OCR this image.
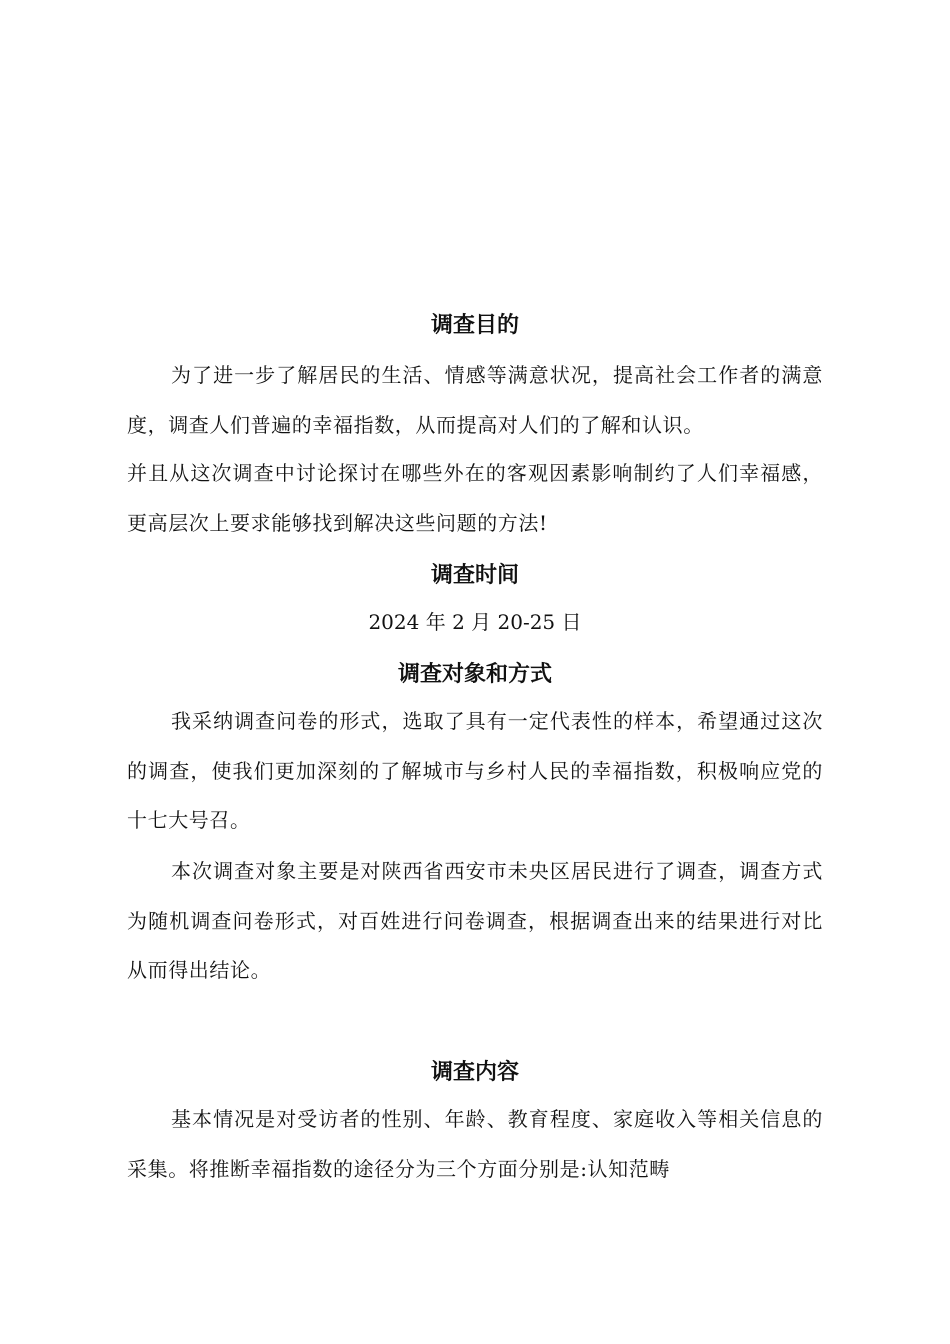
调查目的

为了进一步了解居民的生活、情感等满意状况，提高社会工作者的满意度，调查人们普遍的幸福指数，从而提高对人们的了解和认识。

并且从这次调查中讨论探讨在哪些外在的客观因素影响制约了人们幸福感，更高层次上要求能够找到解决这些问题的方法!

调查时间

2024 年 2 月 20-25 日

调查对象和方式

我采纳调查问卷的形式，选取了具有一定代表性的样本，希望通过这次的调查，使我们更加深刻的了解城市与乡村人民的幸福指数，积极响应党的十七大号召。

本次调查对象主要是对陕西省西安市未央区居民进行了调查，调查方式为随机调查问卷形式，对百姓进行问卷调查，根据调查出来的结果进行对比从而得出结论。

调查内容

基本情况是对受访者的性别、年龄、教育程度、家庭收入等相关信息的采集。将推断幸福指数的途径分为三个方面分别是:认知范畴
